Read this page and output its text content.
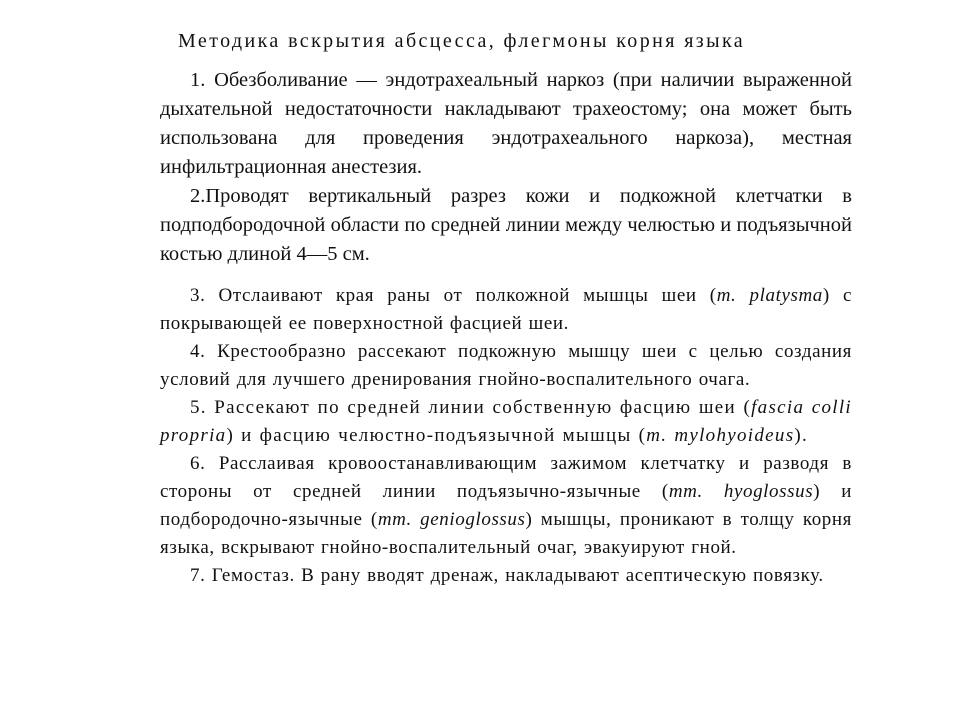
Методика вскрытия абсцесса, флегмоны корня языка

1. Обезболивание — эндотрахеальный наркоз (при наличии выраженной дыхательной недостаточности накладывают трахеостому; она может быть использована для проведения эндотрахеального наркоза), местная инфильтрационная анестезия.

2.Проводят вертикальный разрез кожи и подкожной клетчатки в подподбородочной области по средней линии между челюстью и подъязычной костью длиной 4—5 см.

3. Отслаивают края раны от полкожной мышцы шеи (m. platysma) с покрывающей ее поверхностной фасцией шеи.

4. Крестообразно рассекают подкожную мышцу шеи с целью создания условий для лучшего дренирования гнойно-воспалительного очага.

5. Рассекают по средней линии собственную фасцию шеи (fascia colli propria) и фасцию челюстно-подъязычной мышцы (m. mylohyoideus).

6. Расслаивая кровоостанавливающим зажимом клетчатку и разводя в стороны от средней линии подъязычно-язычные (mm. hyoglossus) и подбородочно-язычные (mm. genioglossus) мышцы, проникают в толщу корня языка, вскрывают гнойно-воспалительный очаг, эвакуируют гной.

7. Гемостаз. В рану вводят дренаж, накладывают асептическую повязку.
